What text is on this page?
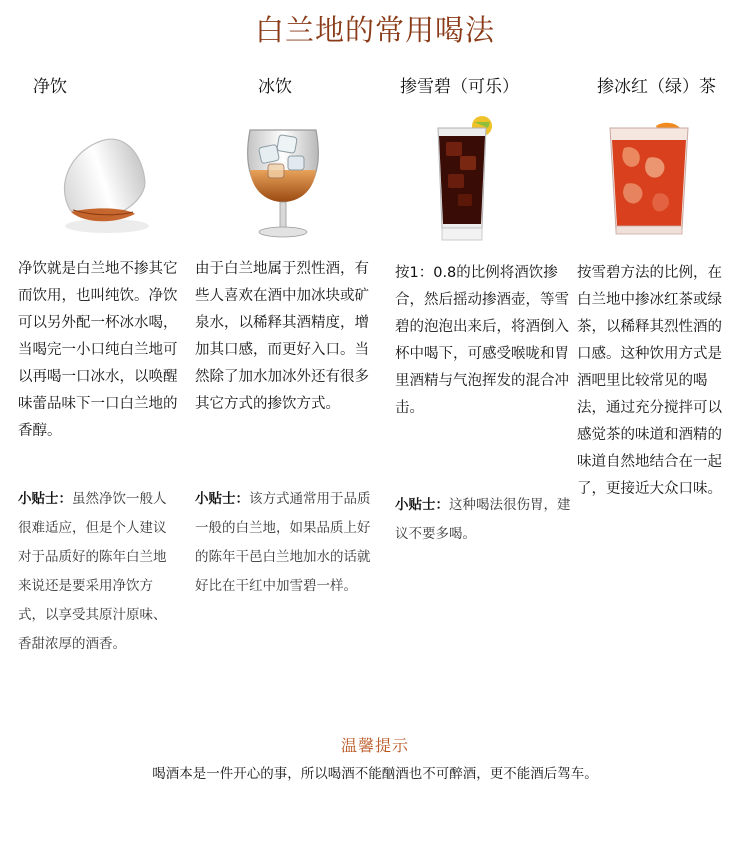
白兰地的常用喝法
净饮
净饮就是白兰地不掺其它而饮用，也叫纯饮。净饮可以另外配一杯冰水喝，当喝完一小口纯白兰地可以再喝一口冰水，以唤醒味蕾品味下一口白兰地的香醇。
小贴士：虽然净饮一般人很难适应，但是个人建议对于品质好的陈年白兰地来说还是要采用净饮方式，以享受其原汁原味、香甜浓厚的酒香。
冰饮
由于白兰地属于烈性酒，有些人喜欢在酒中加冰块或矿泉水，以稀释其酒精度，增加其口感，而更好入口。当然除了加水加冰外还有很多其它方式的掺饮方式。
小贴士：该方式通常用于品质一般的白兰地，如果品质上好的陈年干邑白兰地加水的话就好比在干红中加雪碧一样。
掺雪碧（可乐）
按1：0.8的比例将酒饮掺合，然后摇动掺酒壶，等雪碧的泡泡出来后，将酒倒入杯中喝下，可感受喉咙和胃里酒精与气泡挥发的混合冲击。
小贴士：这种喝法很伤胃，建议不要多喝。
掺冰红（绿）茶
按雪碧方法的比例，在白兰地中掺冰红茶或绿茶，以稀释其烈性酒的口感。这种饮用方式是 酒吧里比较常见的喝法，通过充分搅拌可以感觉茶的味道和酒精的味道自然地结合在一起了，更接近大众口味。
温馨提示
喝酒本是一件开心的事，所以喝酒不能酗酒也不可醉酒，更不能酒后驾车。
